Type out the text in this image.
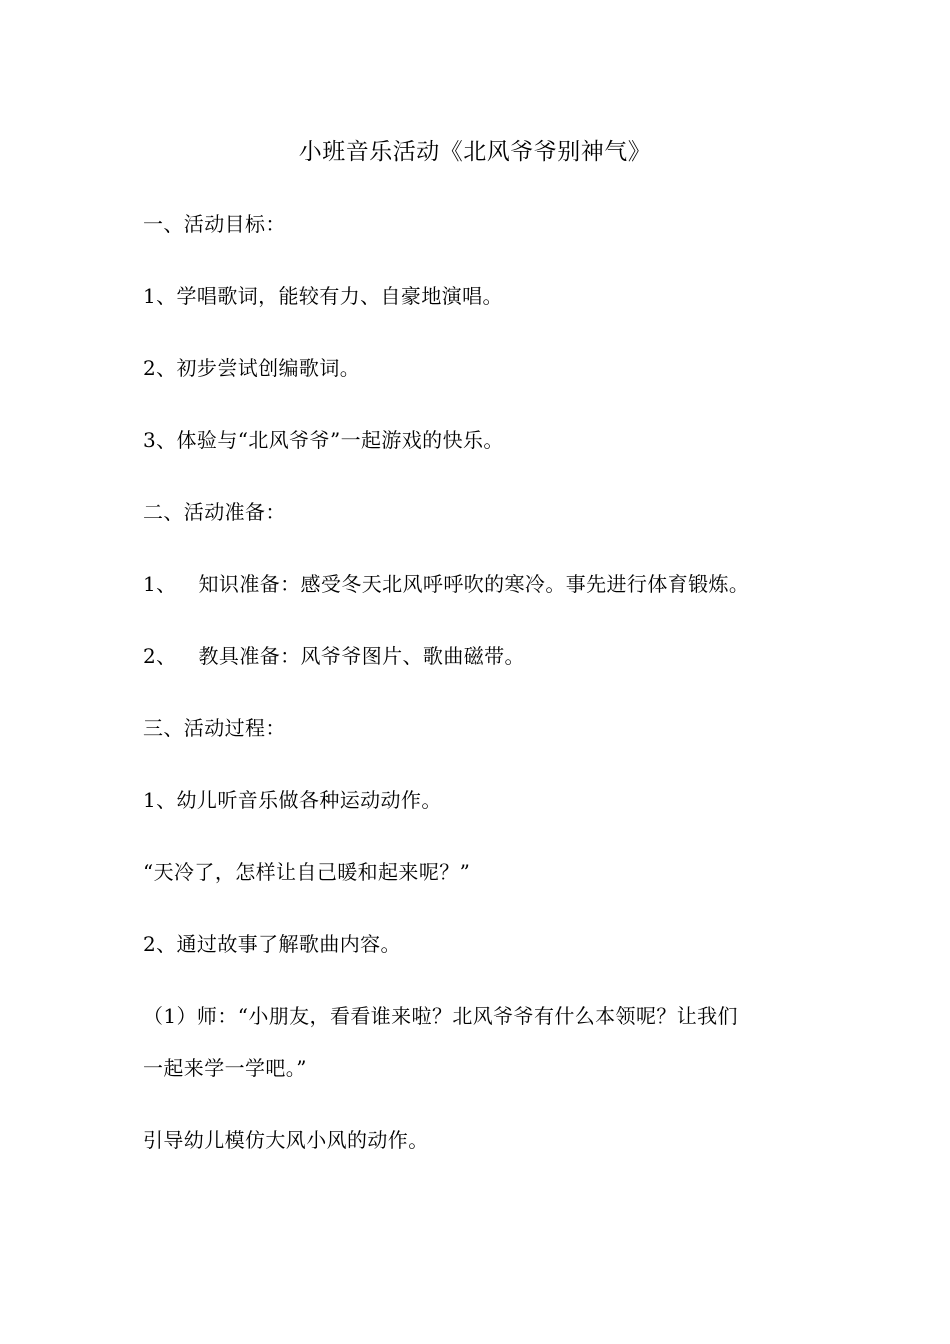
小班音乐活动《北风爷爷别神气》

一、活动目标：

1、学唱歌词，能较有力、自豪地演唱。

2、初步尝试创编歌词。

3、体验与“北风爷爷”一起游戏的快乐。

二、活动准备：

1、 知识准备：感受冬天北风呼呼吹的寒冷。事先进行体育锻炼。

2、 教具准备：风爷爷图片、歌曲磁带。

三、活动过程：

1、幼儿听音乐做各种运动动作。

“天冷了，怎样让自己暖和起来呢？”

2、通过故事了解歌曲内容。

（1）师：“小朋友，看看谁来啦？北风爷爷有什么本领呢？让我们

一起来学一学吧。”

引导幼儿模仿大风小风的动作。
